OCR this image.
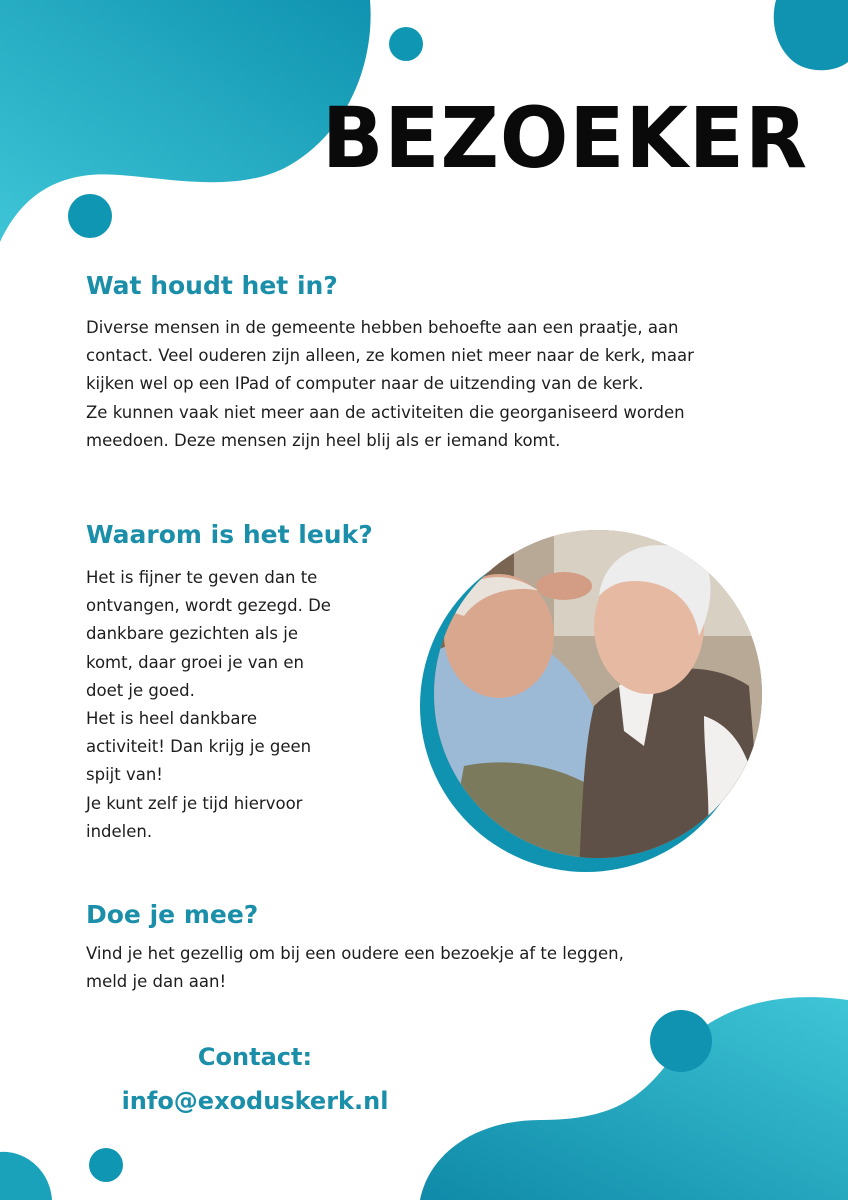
BEZOEKER
Wat houdt het in?

Diverse mensen in de gemeente hebben behoefte aan een praatje, aan

contact. Veel ouderen zijn alleen, ze komen niet meer naar de kerk, maar

kijken wel op een IPad of computer naar de uitzending van de kerk.

Ze kunnen vaak niet meer aan de activiteiten die georganiseerd worden

meedoen. Deze mensen zijn heel blij als er iemand komt.

Waarom is het leuk?

Het is fijner te geven dan te

ontvangen, wordt gezegd. De

dankbare gezichten als je

komt, daar groei je van en

doet je goed.

Het is heel dankbare

activiteit! Dan krijg je geen

spijt van!

Je kunt zelf je tijd hiervoor

indelen.

Doe je mee?

Vind je het gezellig om bij een oudere een bezoekje af te leggen,

meld je dan aan!

Contact:
info@exoduskerk.nl
